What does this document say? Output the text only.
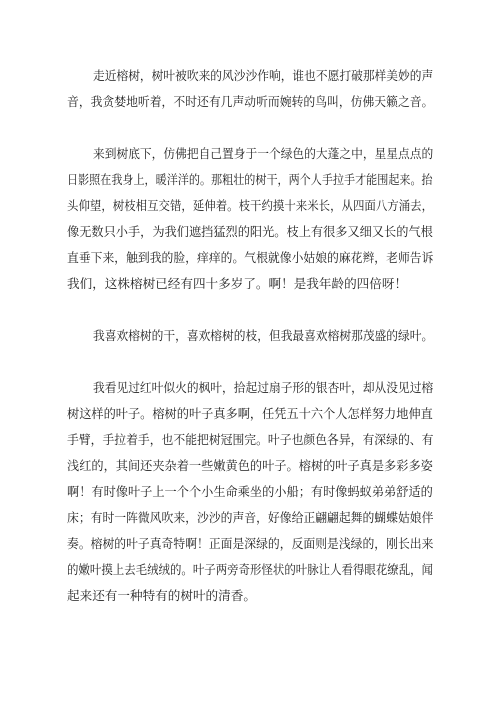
走近榕树，树叶被吹来的风沙沙作响，谁也不愿打破那样美妙的声
音，我贪婪地听着，不时还有几声动听而婉转的鸟叫，仿佛天籁之音。
来到树底下，仿佛把自己置身于一个绿色的大蓬之中，星星点点的
日影照在我身上，暖洋洋的。那粗壮的树干，两个人手拉手才能围起来。抬
头仰望，树枝相互交错，延伸着。枝干约摸十来米长，从四面八方涌去，
像无数只小手，为我们遮挡猛烈的阳光。枝上有很多又细又长的气根
直垂下来，触到我的脸，痒痒的。气根就像小姑娘的麻花辫，老师告诉
我们，这株榕树已经有四十多岁了。啊！是我年龄的四倍呀！
我喜欢榕树的干，喜欢榕树的枝，但我最喜欢榕树那茂盛的绿叶。
我看见过红叶似火的枫叶，拾起过扇子形的银杏叶，却从没见过榕
树这样的叶子。榕树的叶子真多啊，任凭五十六个人怎样努力地伸直
手臂，手拉着手，也不能把树冠围完。叶子也颜色各异，有深绿的、有
浅红的，其间还夹杂着一些嫩黄色的叶子。榕树的叶子真是多彩多姿
啊！有时像叶子上一个个小生命乘坐的小船；有时像蚂蚁弟弟舒适的
床；有时一阵微风吹来，沙沙的声音，好像给正翩翩起舞的蝴蝶姑娘伴
奏。榕树的叶子真奇特啊！正面是深绿的，反面则是浅绿的，刚长出来
的嫩叶摸上去毛绒绒的。叶子两旁奇形怪状的叶脉让人看得眼花缭乱，闻
起来还有一种特有的树叶的清香。
